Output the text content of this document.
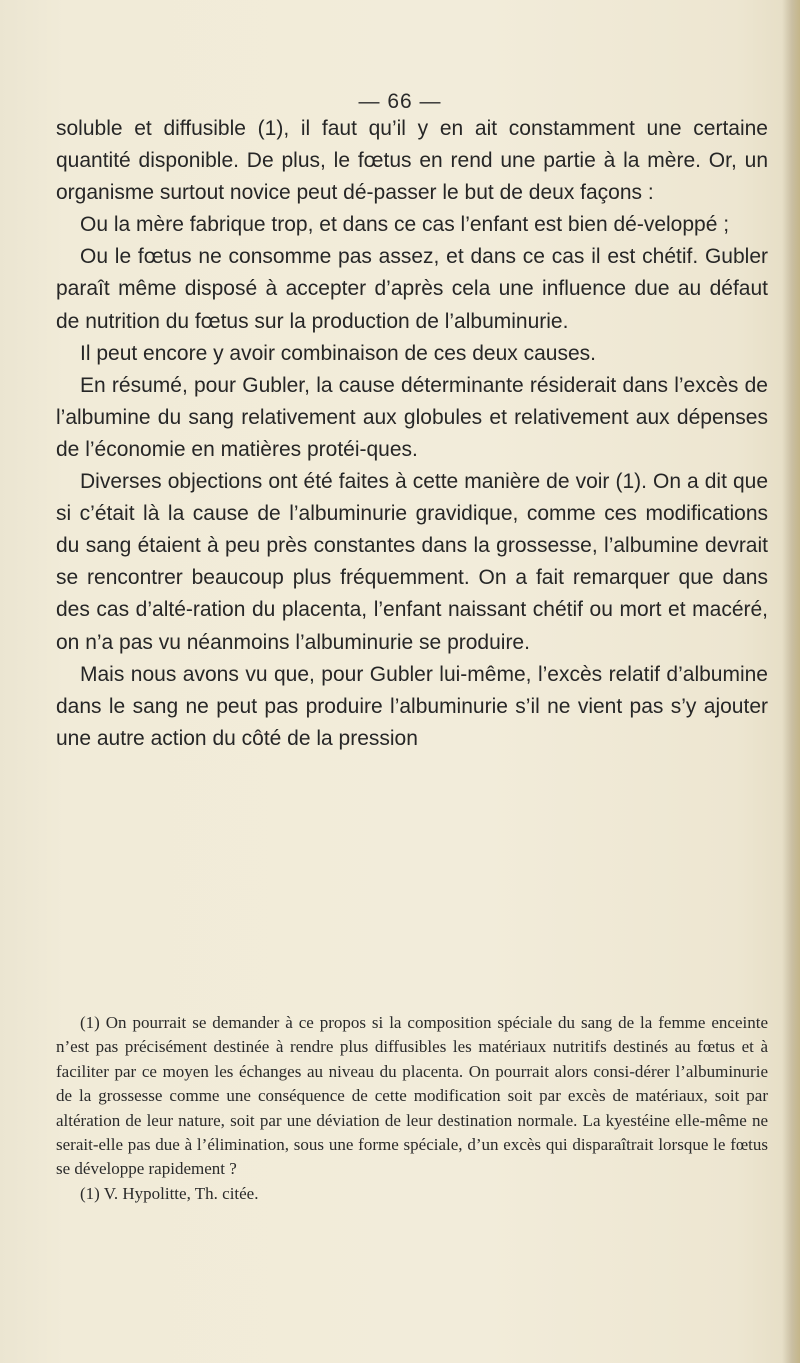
— 66 —

soluble et diffusible (1), il faut qu’il y en ait constamment une certaine quantité disponible. De plus, le fœtus en rend une partie à la mère. Or, un organisme surtout novice peut dé-passer le but de deux façons :

Ou la mère fabrique trop, et dans ce cas l’enfant est bien dé-veloppé ;

Ou le fœtus ne consomme pas assez, et dans ce cas il est chétif. Gubler paraît même disposé à accepter d’après cela une influence due au défaut de nutrition du fœtus sur la production de l’albuminurie.

Il peut encore y avoir combinaison de ces deux causes.

En résumé, pour Gubler, la cause déterminante résiderait dans l’excès de l’albumine du sang relativement aux globules et relativement aux dépenses de l’économie en matières protéi-ques.

Diverses objections ont été faites à cette manière de voir (1). On a dit que si c’était là la cause de l’albuminurie gravidique, comme ces modifications du sang étaient à peu près constantes dans la grossesse, l’albumine devrait se rencontrer beaucoup plus fréquemment. On a fait remarquer que dans des cas d’alté-ration du placenta, l’enfant naissant chétif ou mort et macéré, on n’a pas vu néanmoins l’albuminurie se produire.

Mais nous avons vu que, pour Gubler lui-même, l’excès relatif d’albumine dans le sang ne peut pas produire l’albuminurie s’il ne vient pas s’y ajouter une autre action du côté de la pression

(1) On pourrait se demander à ce propos si la composition spéciale du sang de la femme enceinte n’est pas précisément destinée à rendre plus diffusibles les matériaux nutritifs destinés au fœtus et à faciliter par ce moyen les échanges au niveau du placenta. On pourrait alors consi-dérer l’albuminurie de la grossesse comme une conséquence de cette modification soit par excès de matériaux, soit par altération de leur nature, soit par une déviation de leur destination normale. La kyestéine elle-même ne serait-elle pas due à l’élimination, sous une forme spéciale, d’un excès qui disparaîtrait lorsque le fœtus se développe rapidement ?

(1) V. Hypolitte, Th. citée.
